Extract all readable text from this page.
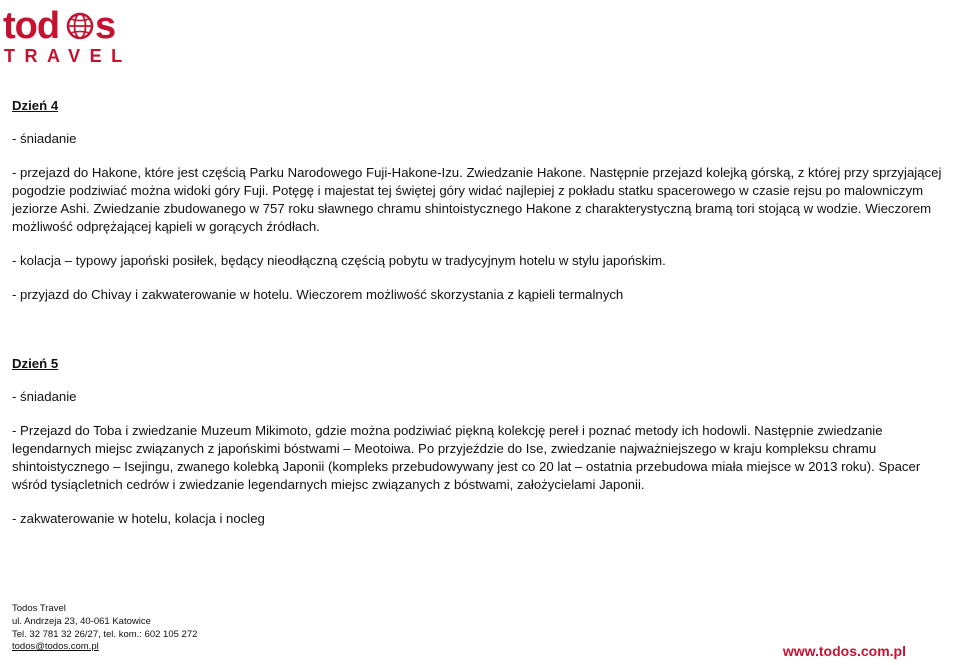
tod s
TRAVEL

Dzień 4

- śniadanie

- przejazd do Hakone, które jest częścią Parku Narodowego Fuji-Hakone-Izu. Zwiedzanie Hakone. Następnie przejazd kolejką górską, z której przy sprzyjającej pogodzie podziwiać można widoki góry Fuji. Potęgę i majestat tej świętej góry widać najlepiej z pokładu statku spacerowego w czasie rejsu po malowniczym jeziorze Ashi. Zwiedzanie zbudowanego w 757 roku sławnego chramu shintoistycznego Hakone z charakterystyczną bramą tori stojącą w wodzie. Wieczorem możliwość odprężającej kąpieli w gorących źródłach.

- kolacja – typowy japoński posiłek, będący nieodłączną częścią pobytu w tradycyjnym hotelu w stylu japońskim.

- przyjazd do Chivay i zakwaterowanie w hotelu. Wieczorem możliwość skorzystania z kąpieli termalnych

Dzień 5

- śniadanie

- Przejazd do Toba i zwiedzanie Muzeum Mikimoto, gdzie można podziwiać piękną kolekcję pereł i poznać metody ich hodowli. Następnie zwiedzanie legendarnych miejsc związanych z japońskimi bóstwami – Meotoiwa. Po przyjeździe do Ise, zwiedzanie najważniejszego w kraju kompleksu chramu shintoistycznego – Isejingu, zwanego kolebką Japonii (kompleks przebudowywany jest co 20 lat – ostatnia przebudowa miała miejsce w 2013 roku). Spacer wśród tysiącletnich cedrów i zwiedzanie legendarnych miejsc związanych z bóstwami, założycielami Japonii.

- zakwaterowanie w hotelu, kolacja i nocleg

Todos Travel
ul. Andrzeja 23, 40-061 Katowice
Tel. 32 781 32 26/27, tel. kom.: 602 105 272
todos@todos.com.pl	www.todos.com.pl
